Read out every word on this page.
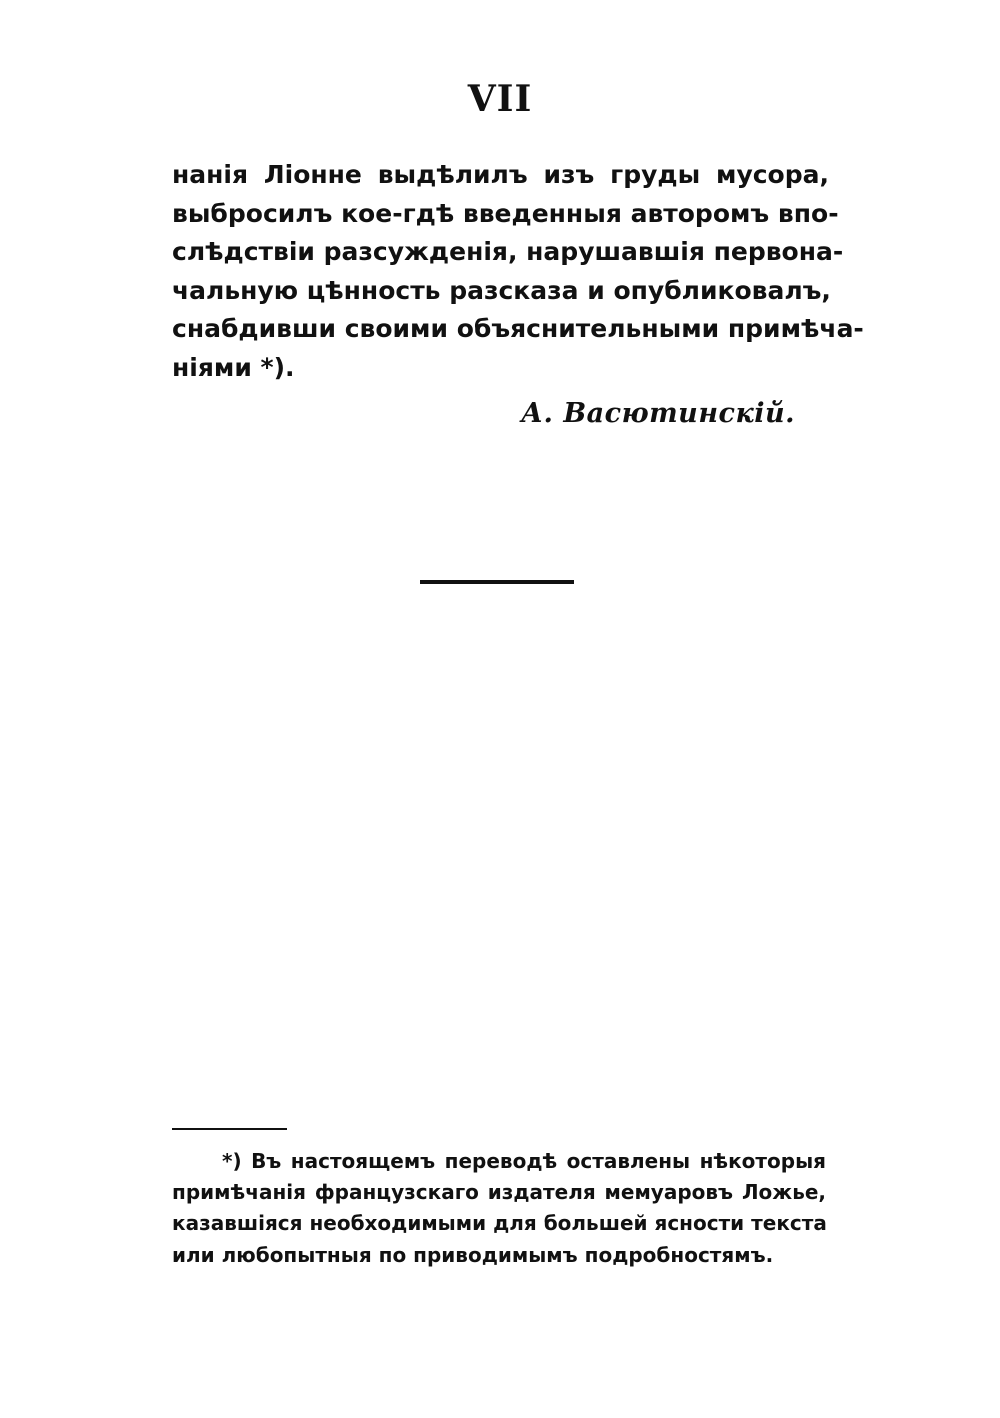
VII
нанія Ліонне выдѣлилъ изъ груды мусора,
выбросилъ кое-гдѣ введенныя авторомъ впо-
слѣдствіи разсужденія, нарушавшія первона-
чальную цѣнность разсказа и опубликовалъ,
снабдивши своими объяснительными примѣча-
ніями *).
А. Васютинскій.
*) Въ настоящемъ переводѣ оставлены нѣкоторыя
примѣчанія французскаго издателя мемуаровъ Ложье,
казавшіяся необходимыми для большей ясности текста
или любопытныя по приводимымъ подробностямъ.
